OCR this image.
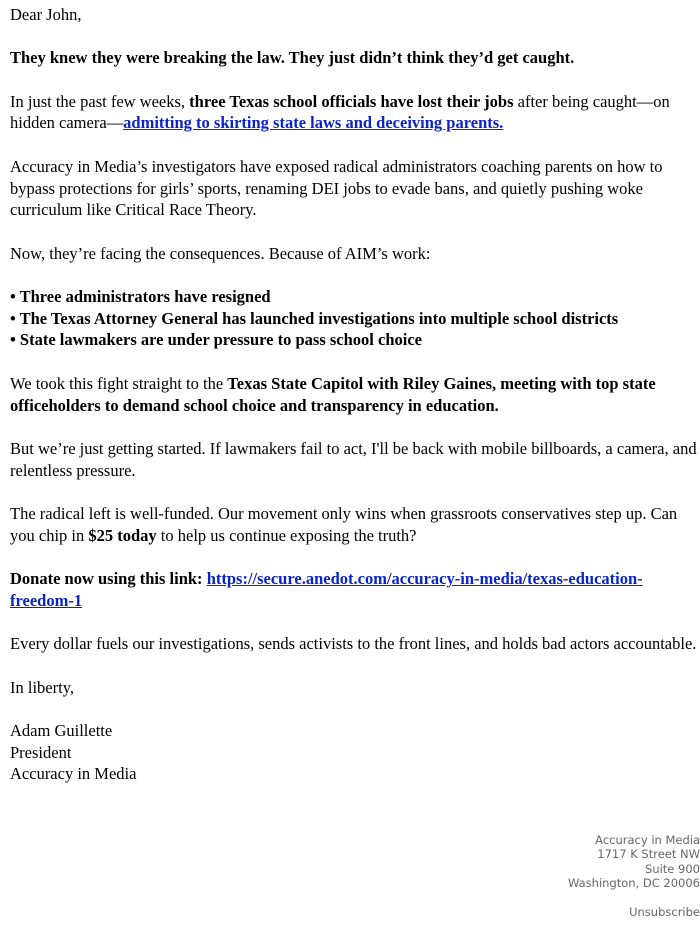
Dear John,

They knew they were breaking the law. They just didn’t think they’d get caught.

In just the past few weeks, three Texas school officials have lost their jobs after being caught—on hidden camera—admitting to skirting state laws and deceiving parents.

Accuracy in Media’s investigators have exposed radical administrators coaching parents on how to bypass protections for girls’ sports, renaming DEI jobs to evade bans, and quietly pushing woke curriculum like Critical Race Theory.

Now, they’re facing the consequences. Because of AIM’s work:

• Three administrators have resigned
• The Texas Attorney General has launched investigations into multiple school districts
• State lawmakers are under pressure to pass school choice

We took this fight straight to the Texas State Capitol with Riley Gaines, meeting with top state officeholders to demand school choice and transparency in education.

But we’re just getting started. If lawmakers fail to act, I'll be back with mobile billboards, a camera, and relentless pressure.

The radical left is well-funded. Our movement only wins when grassroots conservatives step up. Can you chip in $25 today to help us continue exposing the truth?

Donate now using this link: https://secure.anedot.com/accuracy-in-media/texas-education-freedom-1

Every dollar fuels our investigations, sends activists to the front lines, and holds bad actors accountable.

In liberty,

Adam Guillette
President
Accuracy in Media

Accuracy in Media
1717 K Street NW
Suite 900
Washington, DC 20006
Unsubscribe
